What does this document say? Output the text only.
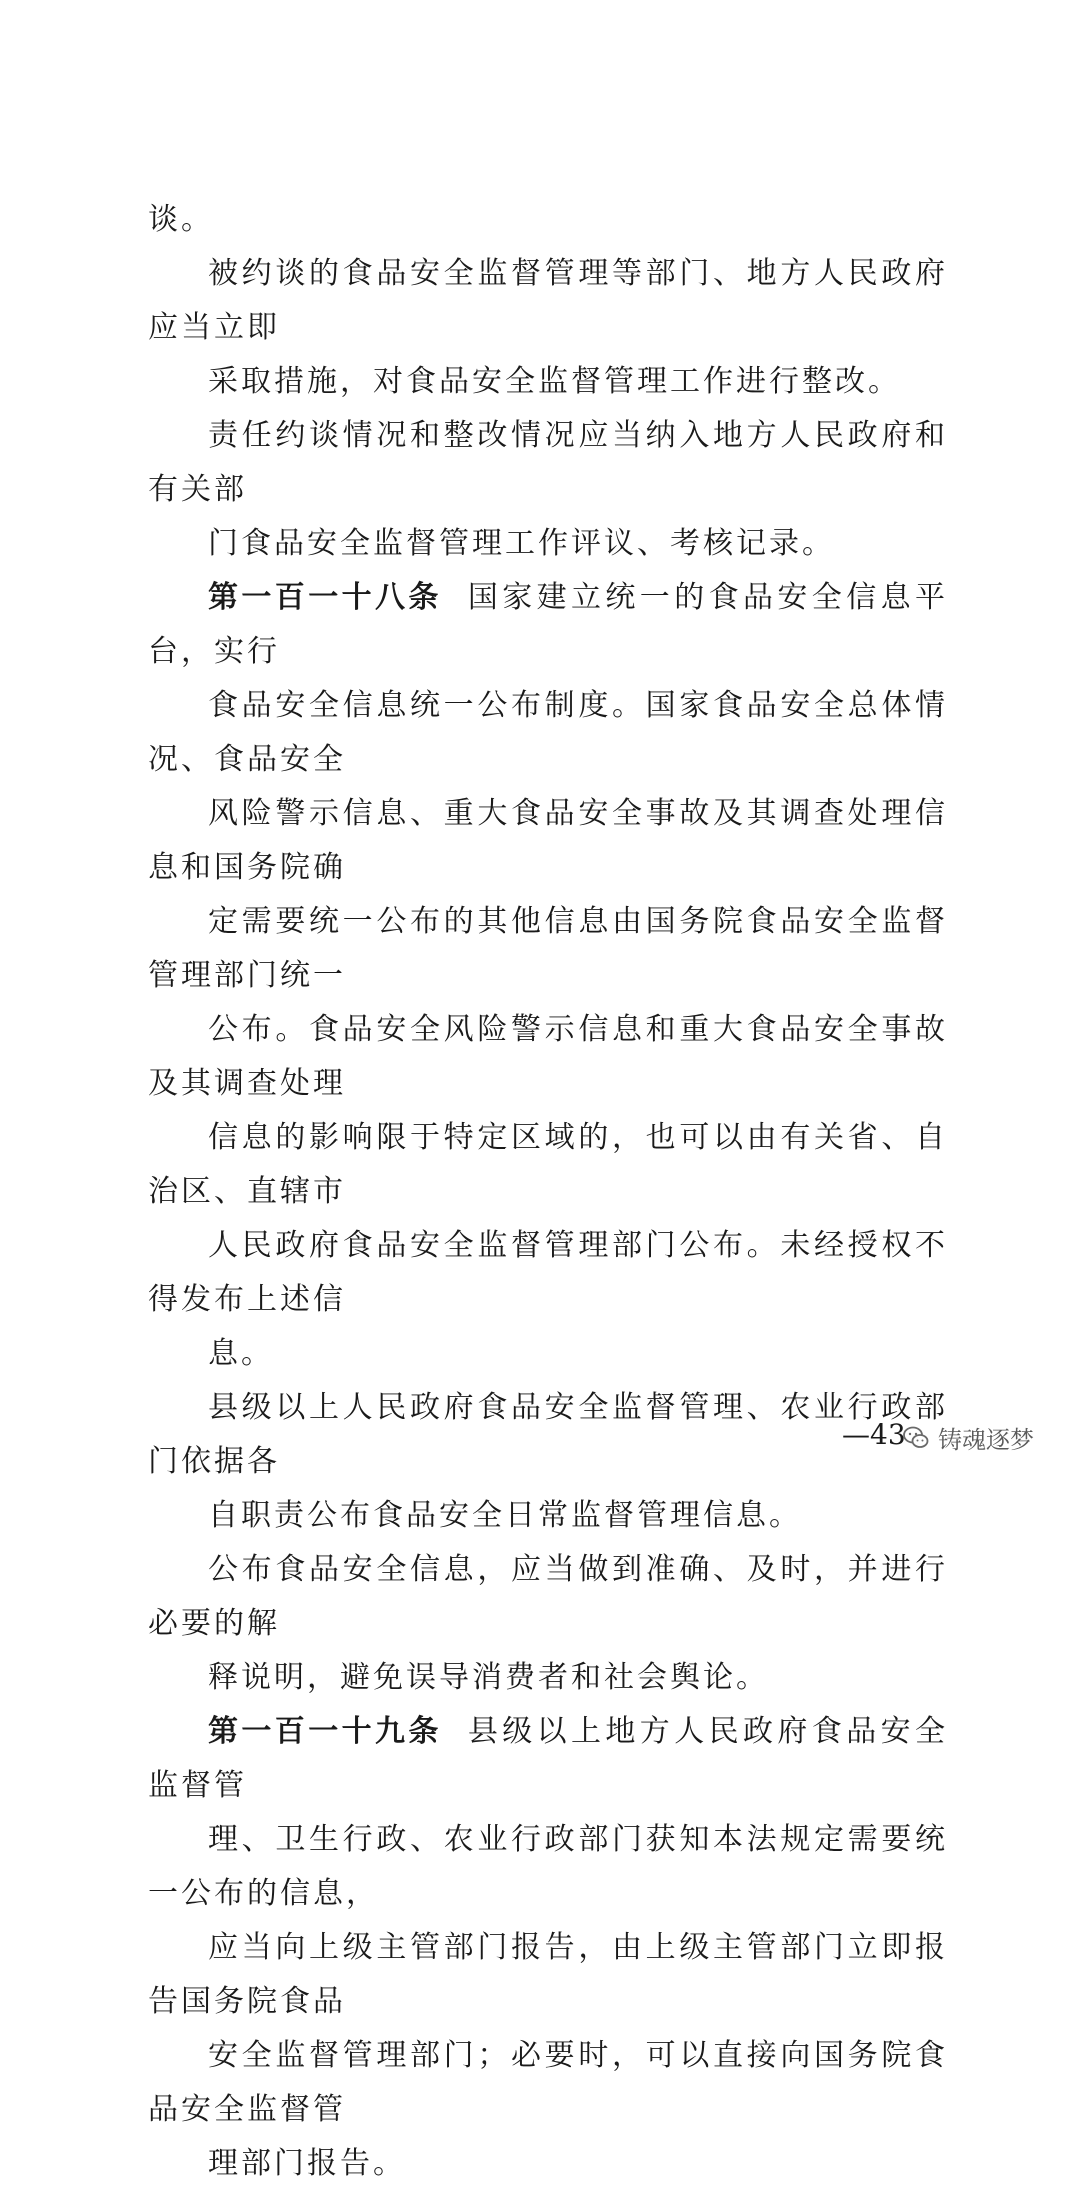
谈。

被约谈的食品安全监督管理等部门、地方人民政府应当立即
采取措施，对食品安全监督管理工作进行整改。

责任约谈情况和整改情况应当纳入地方人民政府和有关部
门食品安全监督管理工作评议、考核记录。

第一百一十八条 国家建立统一的食品安全信息平台，实行
食品安全信息统一公布制度。国家食品安全总体情况、食品安全
风险警示信息、重大食品安全事故及其调查处理信息和国务院确
定需要统一公布的其他信息由国务院食品安全监督管理部门统一
公布。食品安全风险警示信息和重大食品安全事故及其调查处理
信息的影响限于特定区域的，也可以由有关省、自治区、直辖市
人民政府食品安全监督管理部门公布。未经授权不得发布上述信
息。

县级以上人民政府食品安全监督管理、农业行政部门依据各
自职责公布食品安全日常监督管理信息。

公布食品安全信息，应当做到准确、及时，并进行必要的解
释说明，避免误导消费者和社会舆论。

第一百一十九条 县级以上地方人民政府食品安全监督管
理、卫生行政、农业行政部门获知本法规定需要统一公布的信息，
应当向上级主管部门报告，由上级主管部门立即报告国务院食品
安全监督管理部门；必要时，可以直接向国务院食品安全监督管
理部门报告。

—43 铸魂逐梦
